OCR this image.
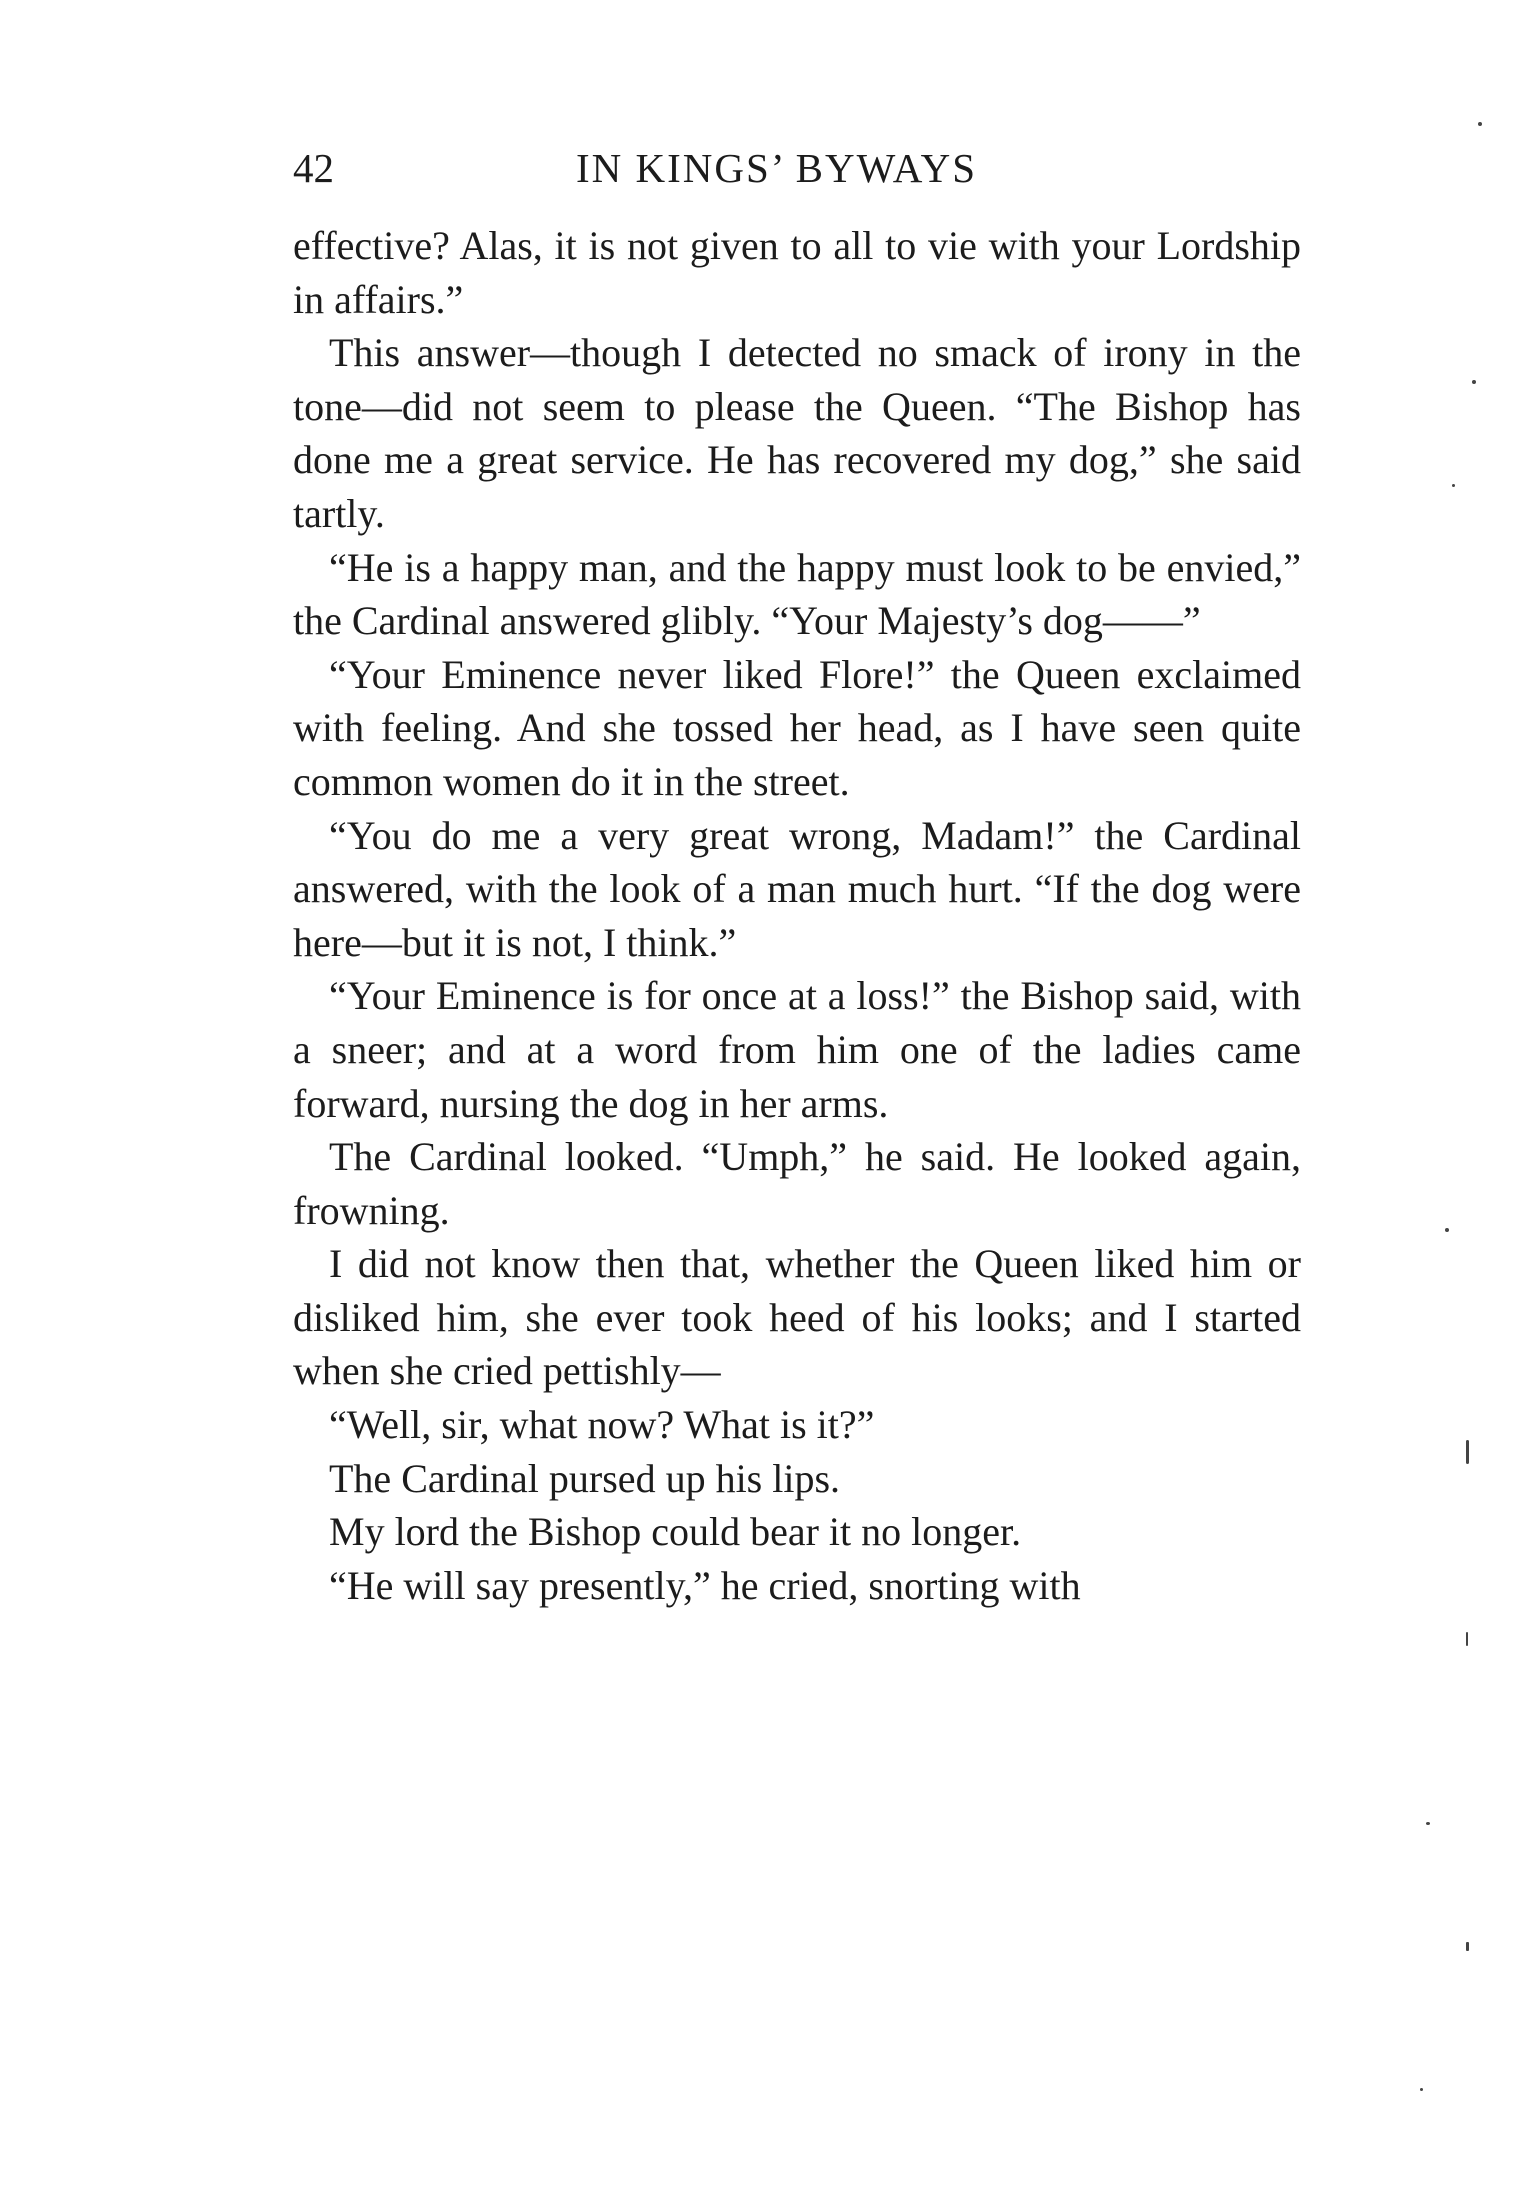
42	IN KINGS’ BYWAYS

effective? Alas, it is not given to all to vie with your Lordship in affairs.”

This answer—though I detected no smack of irony in the tone—did not seem to please the Queen. “The Bishop has done me a great service. He has recovered my dog,” she said tartly.

“He is a happy man, and the happy must look to be envied,” the Cardinal answered glibly. “Your Majesty’s dog——”

“Your Eminence never liked Flore!” the Queen exclaimed with feeling. And she tossed her head, as I have seen quite common women do it in the street.

“You do me a very great wrong, Madam!” the Cardinal answered, with the look of a man much hurt. “If the dog were here—but it is not, I think.”

“Your Eminence is for once at a loss!” the Bishop said, with a sneer; and at a word from him one of the ladies came forward, nursing the dog in her arms.

The Cardinal looked. “Umph,” he said. He looked again, frowning.

I did not know then that, whether the Queen liked him or disliked him, she ever took heed of his looks; and I started when she cried pettishly—

“Well, sir, what now? What is it?”

The Cardinal pursed up his lips.

My lord the Bishop could bear it no longer.

“He will say presently,” he cried, snorting with
